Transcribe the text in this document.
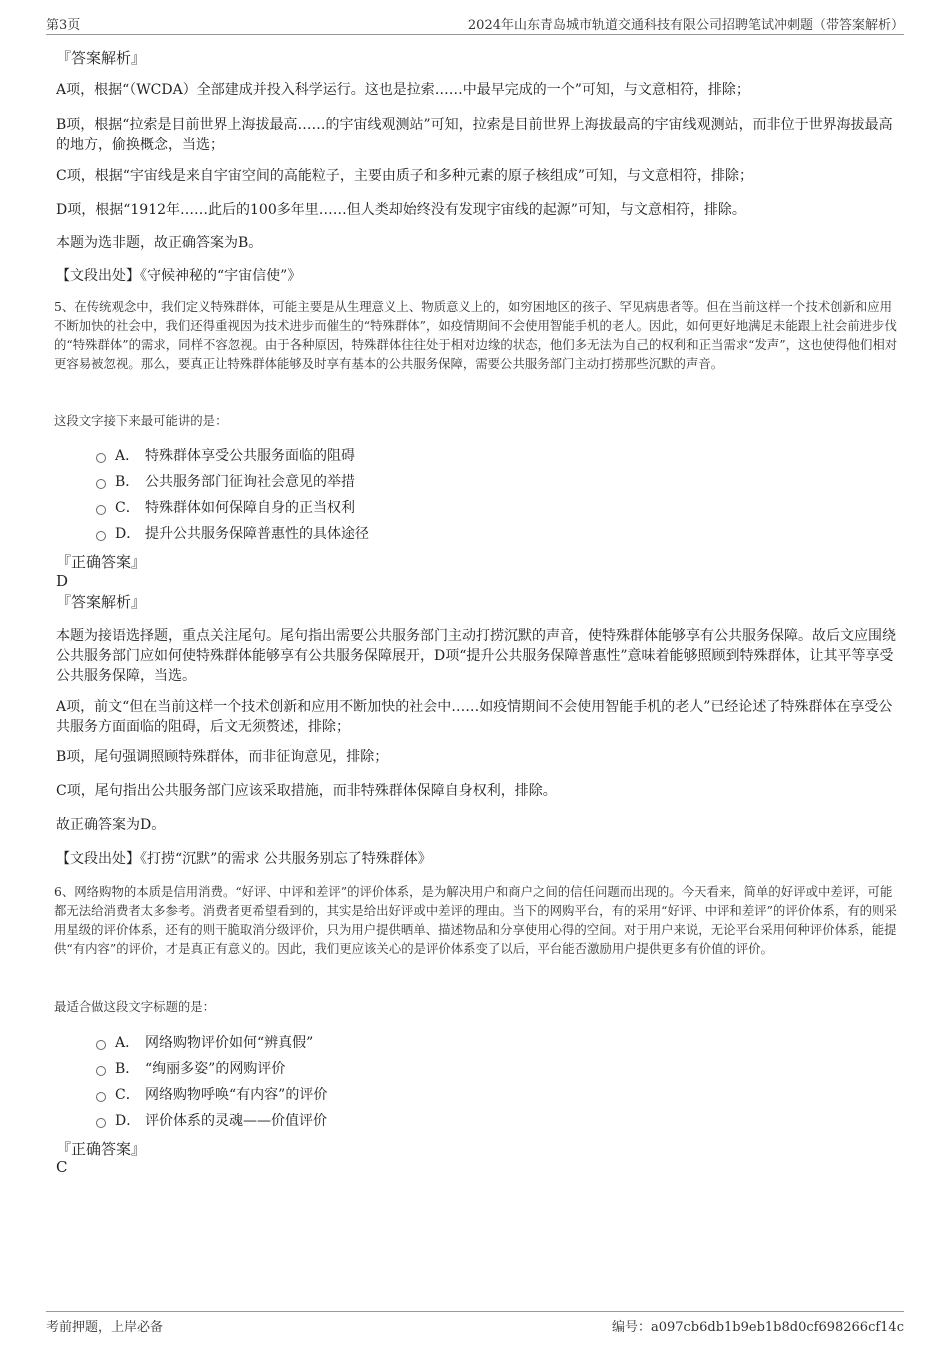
第3页	2024年山东青岛城市轨道交通科技有限公司招聘笔试冲刺题（带答案解析）
『答案解析』
A项，根据“（WCDA）全部建成并投入科学运行。这也是拉索……中最早完成的一个”可知，与文意相符，排除；
B项，根据“拉索是目前世界上海拔最高……的宇宙线观测站”可知，拉索是目前世界上海拔最高的宇宙线观测站，而非位于世界海拔最高的地方，偷换概念，当选；
C项，根据“宇宙线是来自宇宙空间的高能粒子，主要由质子和多种元素的原子核组成”可知，与文意相符，排除；
D项，根据“1912年……此后的100多年里……但人类却始终没有发现宇宙线的起源”可知，与文意相符，排除。
本题为选非题，故正确答案为B。
【文段出处】《守候神秘的“宇宙信使”》
5、在传统观念中，我们定义特殊群体，可能主要是从生理意义上、物质意义上的，如穷困地区的孩子、罕见病患者等。但在当前这样一个技术创新和应用不断加快的社会中，我们还得重视因为技术进步而催生的“特殊群体”，如疫情期间不会使用智能手机的老人。因此，如何更好地满足未能跟上社会前进步伐的“特殊群体”的需求，同样不容忽视。由于各种原因，特殊群体往往处于相对边缘的状态，他们多无法为自己的权利和正当需求“发声”，这也使得他们相对更容易被忽视。那么，要真正让特殊群体能够及时享有基本的公共服务保障，需要公共服务部门主动打捞那些沉默的声音。
这段文字接下来最可能讲的是：
A． 特殊群体享受公共服务面临的阻碍
B． 公共服务部门征询社会意见的举措
C． 特殊群体如何保障自身的正当权利
D． 提升公共服务保障普惠性的具体途径
『正确答案』
D
『答案解析』
本题为接语选择题，重点关注尾句。尾句指出需要公共服务部门主动打捞沉默的声音，使特殊群体能够享有公共服务保障。故后文应围绕公共服务部门应如何使特殊群体能够享有公共服务保障展开，D项“提升公共服务保障普惠性”意味着能够照顾到特殊群体，让其平等享受公共服务保障，当选。
A项，前文“但在当前这样一个技术创新和应用不断加快的社会中……如疫情期间不会使用智能手机的老人”已经论述了特殊群体在享受公共服务方面面临的阻碍，后文无须赘述，排除；
B项，尾句强调照顾特殊群体，而非征询意见，排除；
C项，尾句指出公共服务部门应该采取措施，而非特殊群体保障自身权利，排除。
故正确答案为D。
【文段出处】《打捞“沉默”的需求 公共服务别忘了特殊群体》
6、网络购物的本质是信用消费。“好评、中评和差评”的评价体系，是为解决用户和商户之间的信任问题而出现的。今天看来，简单的好评或中差评，可能都无法给消费者太多参考。消费者更希望看到的，其实是给出好评或中差评的理由。当下的网购平台，有的采用“好评、中评和差评”的评价体系，有的则采用星级的评价体系，还有的则干脆取消分级评价，只为用户提供晒单、描述物品和分享使用心得的空间。对于用户来说，无论平台采用何种评价体系，能提供“有内容”的评价，才是真正有意义的。因此，我们更应该关心的是评价体系变了以后，平台能否激励用户提供更多有价值的评价。
最适合做这段文字标题的是：
A． 网络购物评价如何“辨真假”
B． “绚丽多姿”的网购评价
C． 网络购物呼唤“有内容”的评价
D． 评价体系的灵魂——价值评价
『正确答案』
C
考前押题，上岸必备	编号：a097cb6db1b9eb1b8d0cf698266cf14c
